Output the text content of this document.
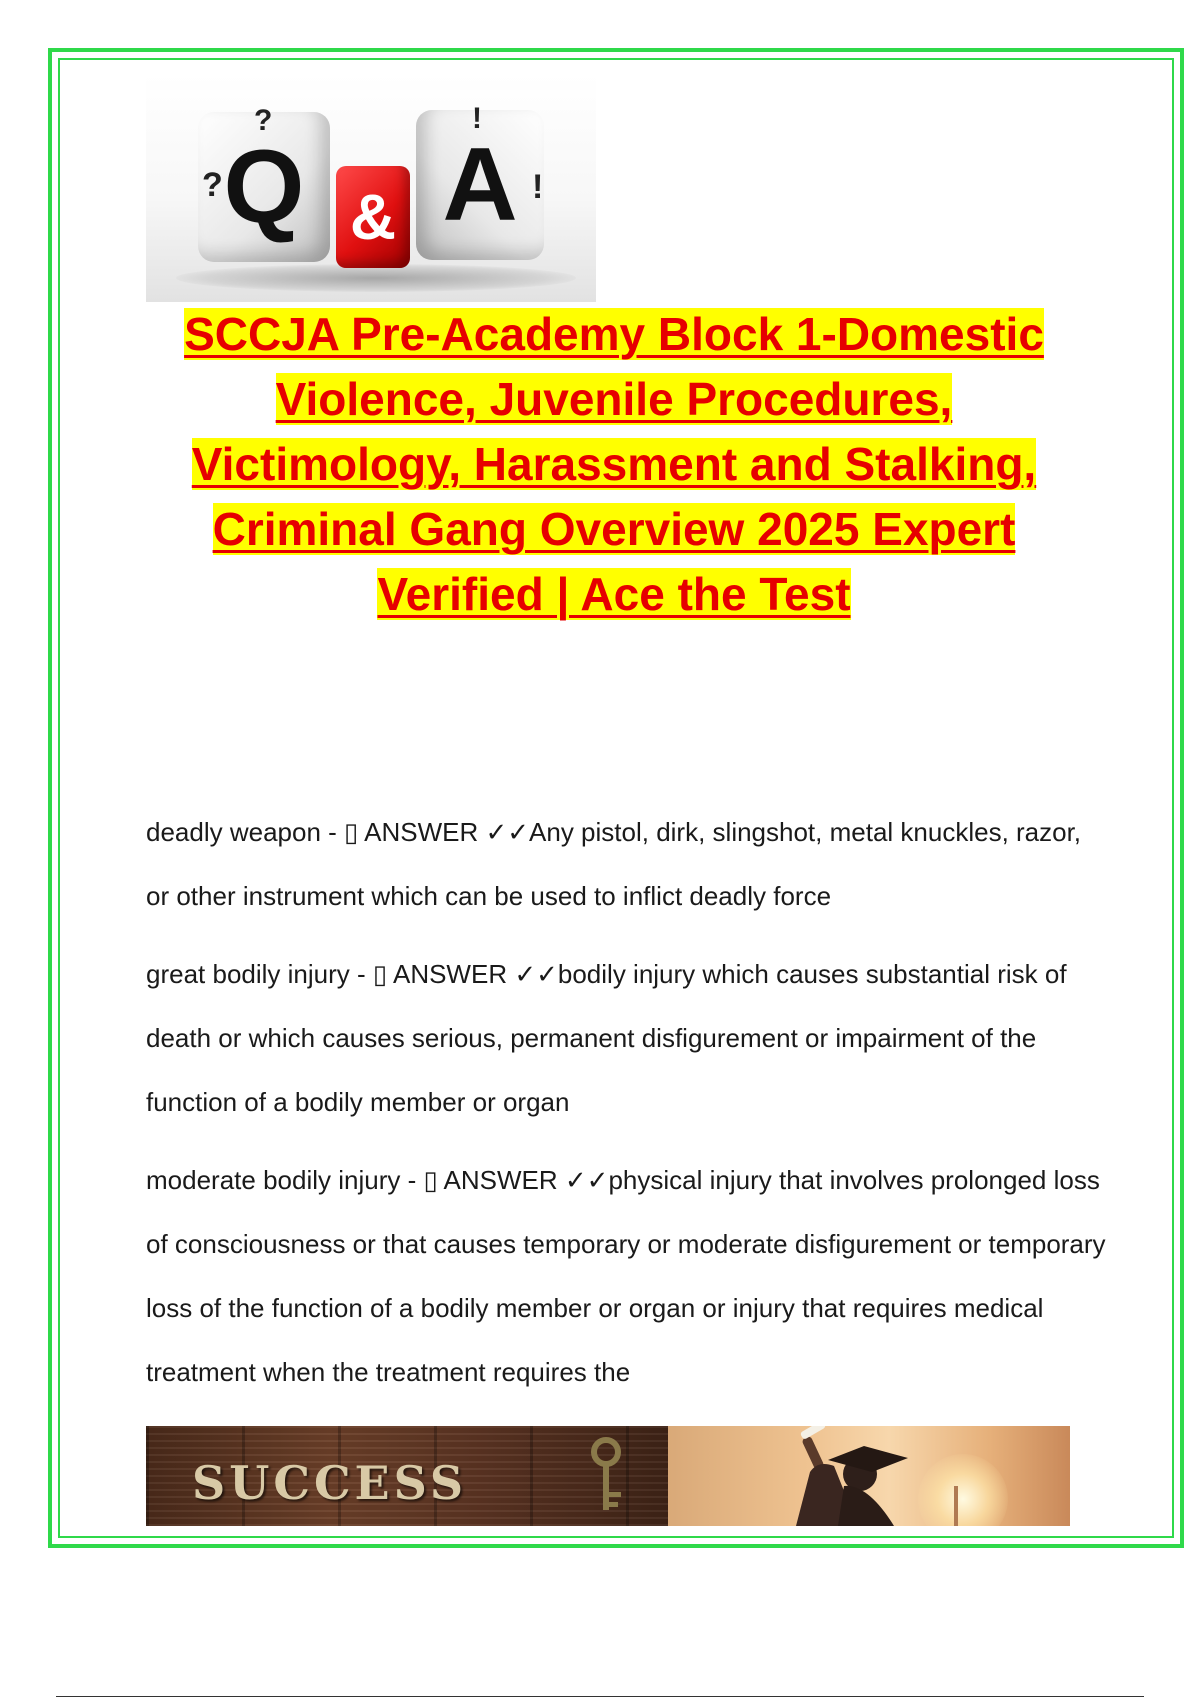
Q & A
?
?
!
!
SCCJA Pre-Academy Block 1-Domestic
Violence, Juvenile Procedures,
Victimology, Harassment and Stalking,
Criminal Gang Overview 2025 Expert
Verified | Ace the Test

deadly weapon - ▯ ANSWER ✓✓Any pistol, dirk, slingshot, metal knuckles, razor, or other instrument which can be used to inflict deadly force

great bodily injury - ▯ ANSWER ✓✓bodily injury which causes substantial risk of death or which causes serious, permanent disfigurement or impairment of the function of a bodily member or organ

moderate bodily injury - ▯ ANSWER ✓✓physical injury that involves prolonged loss of consciousness or that causes temporary or moderate disfigurement or temporary loss of the function of a bodily member or organ or injury that requires medical treatment when the treatment requires the

SUCCESS
